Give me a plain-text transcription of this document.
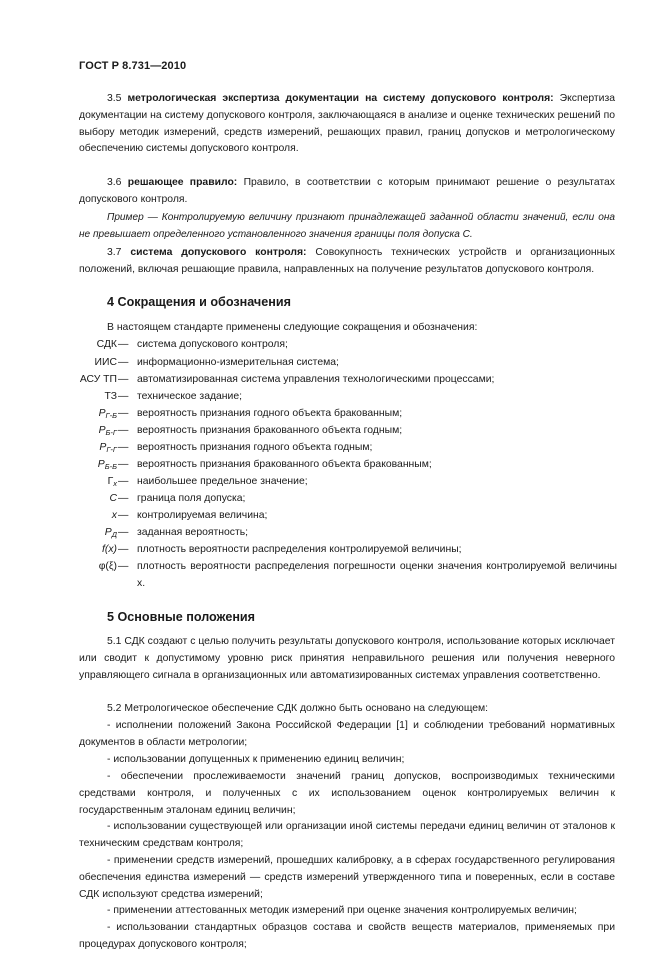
ГОСТ Р 8.731—2010

3.5 метрологическая экспертиза документации на систему допускового контроля: Экспертиза документации на систему допускового контроля, заключающаяся в анализе и оценке технических решений по выбору методик измерений, средств измерений, решающих правил, границ допусков и метрологическому обеспечению системы допускового контроля.

3.6 решающее правило: Правило, в соответствии с которым принимают решение о результатах допускового контроля.

Пример — Контролируемую величину признают принадлежащей заданной области значений, если она не превышает определенного установленного значения границы поля допуска C.

3.7 система допускового контроля: Совокупность технических устройств и организационных положений, включая решающие правила, направленных на получение результатов допускового контроля.

4 Сокращения и обозначения

В настоящем стандарте применены следующие сокращения и обозначения:

СДК — система допускового контроля;
ИИС — информационно-измерительная система;
АСУ ТП — автоматизированная система управления технологическими процессами;
ТЗ — техническое задание;
$P_{Г-Б}$ — вероятность признания годного объекта бракованным;
$P_{Б-Г}$ — вероятность признания бракованного объекта годным;
$P_{Г-Г}$ — вероятность признания годного объекта годным;
$P_{Б-Б}$ — вероятность признания бракованного объекта бракованным;
$Г_x$ — наибольшее предельное значение;
C — граница поля допуска;
x — контролируемая величина;
$P_Д$ — заданная вероятность;
f(x) — плотность вероятности распределения контролируемой величины;
φ(ξ) — плотность вероятности распределения погрешности оценки значения контролируемой величины x.
5 Основные положения

5.1 СДК создают с целью получить результаты допускового контроля, использование которых исключает или сводит к допустимому уровню риск принятия неправильного решения или получения неверного управляющего сигнала в организационных или автоматизированных системах управления соответственно.

5.2 Метрологическое обеспечение СДК должно быть основано на следующем:

- исполнении положений Закона Российской Федерации [1] и соблюдении требований нормативных документов в области метрологии;

- использовании допущенных к применению единиц величин;

- обеспечении прослеживаемости значений границ допусков, воспроизводимых техническими средствами контроля, и полученных с их использованием оценок контролируемых величин к государственным эталонам единиц величин;

- использовании существующей или организации иной системы передачи единиц величин от эталонов к техническим средствам контроля;

- применении средств измерений, прошедших калибровку, а в сферах государственного регулирования обеспечения единства измерений — средств измерений утвержденного типа и поверенных, если в составе СДК используют средства измерений;

- применении аттестованных методик измерений при оценке значения контролируемых величин;

- использовании стандартных образцов состава и свойств веществ материалов, применяемых при процедурах допускового контроля;
